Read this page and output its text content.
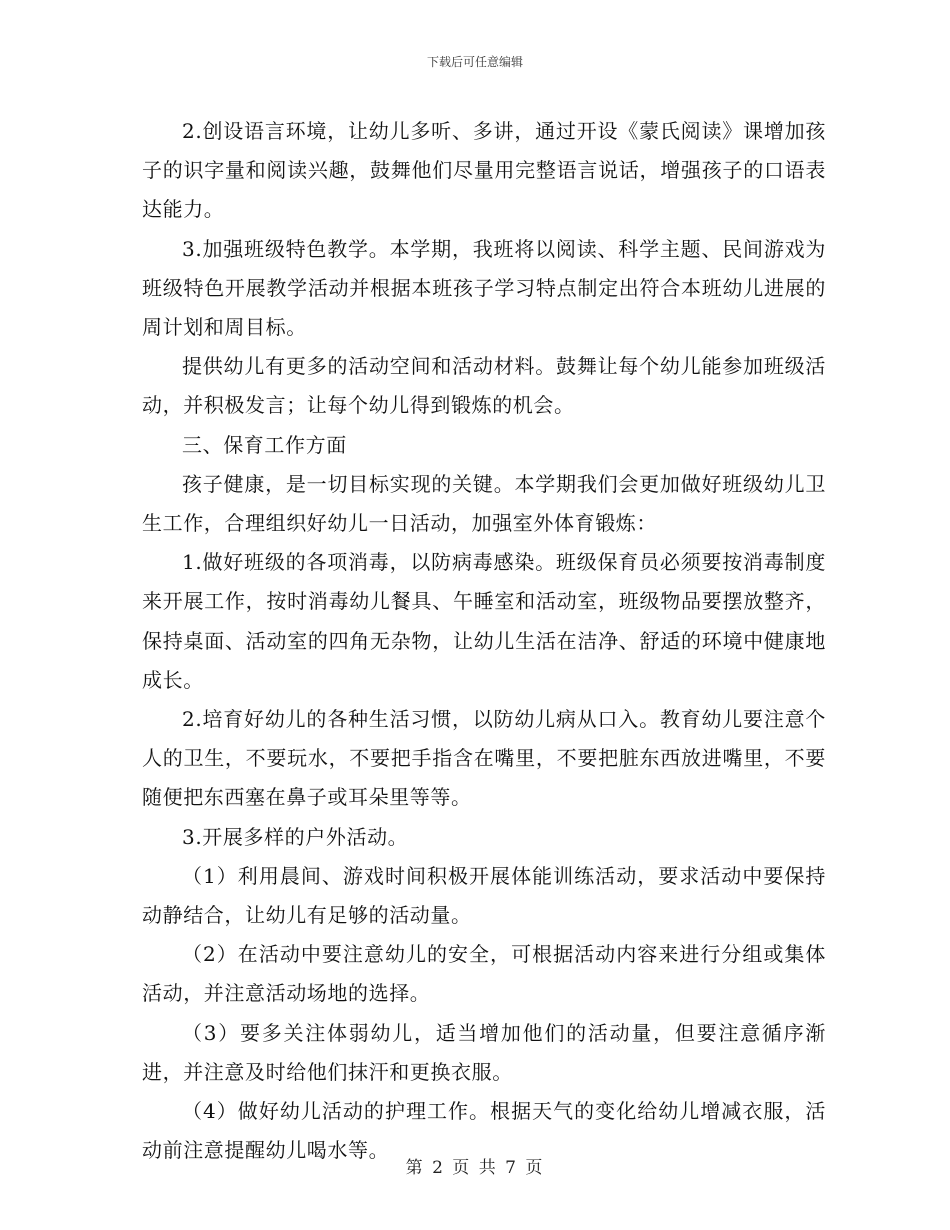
下载后可任意编辑

2.创设语言环境，让幼儿多听、多讲，通过开设《蒙氏阅读》课增加孩子的识字量和阅读兴趣，鼓舞他们尽量用完整语言说话，增强孩子的口语表达能力。

3.加强班级特色教学。本学期，我班将以阅读、科学主题、民间游戏为班级特色开展教学活动并根据本班孩子学习特点制定出符合本班幼儿进展的周计划和周目标。

提供幼儿有更多的活动空间和活动材料。鼓舞让每个幼儿能参加班级活动，并积极发言；让每个幼儿得到锻炼的机会。

三、保育工作方面

孩子健康，是一切目标实现的关键。本学期我们会更加做好班级幼儿卫生工作，合理组织好幼儿一日活动，加强室外体育锻炼：

1.做好班级的各项消毒，以防病毒感染。班级保育员必须要按消毒制度来开展工作，按时消毒幼儿餐具、午睡室和活动室，班级物品要摆放整齐，保持桌面、活动室的四角无杂物，让幼儿生活在洁净、舒适的环境中健康地成长。

2.培育好幼儿的各种生活习惯，以防幼儿病从口入。教育幼儿要注意个人的卫生，不要玩水，不要把手指含在嘴里，不要把脏东西放进嘴里，不要随便把东西塞在鼻子或耳朵里等等。

3.开展多样的户外活动。

（1）利用晨间、游戏时间积极开展体能训练活动，要求活动中要保持动静结合，让幼儿有足够的活动量。

（2）在活动中要注意幼儿的安全，可根据活动内容来进行分组或集体活动，并注意活动场地的选择。

（3）要多关注体弱幼儿，适当增加他们的活动量，但要注意循序渐进，并注意及时给他们抹汗和更换衣服。

（4）做好幼儿活动的护理工作。根据天气的变化给幼儿增减衣服，活动前注意提醒幼儿喝水等。

第 2 页 共 7 页
